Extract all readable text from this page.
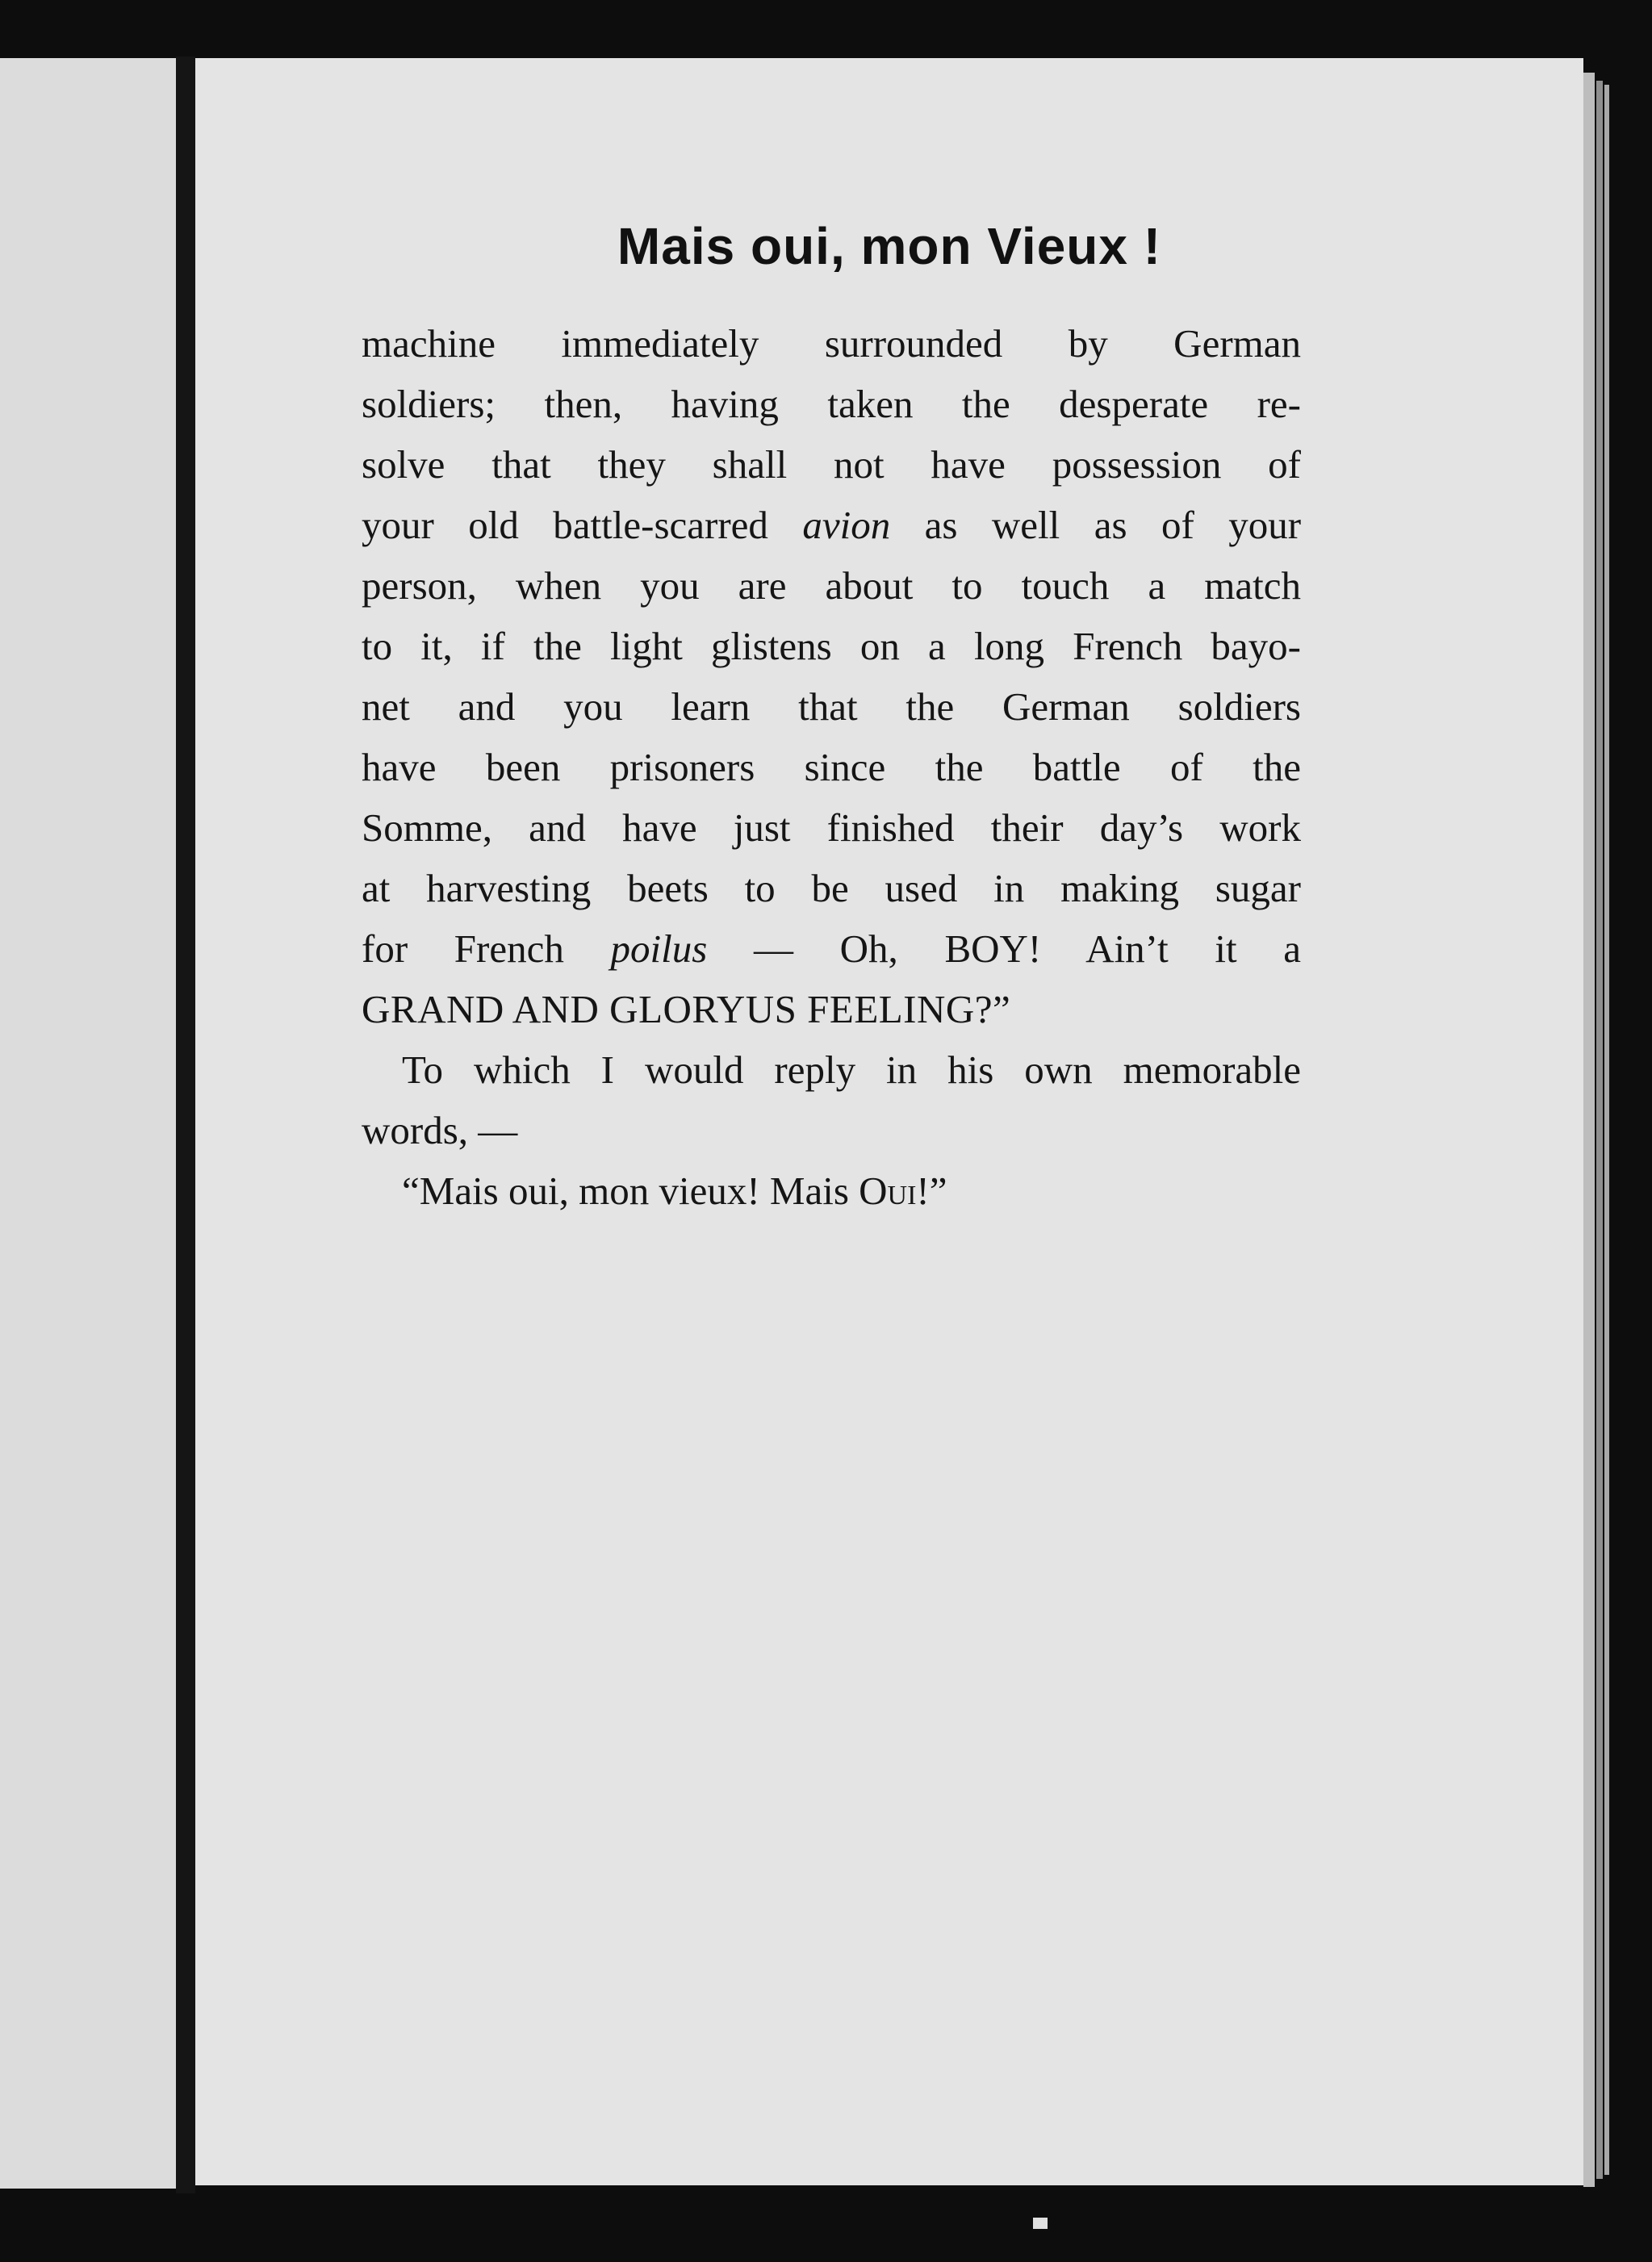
Mais oui, mon Vieux !
machine immediately surrounded by German
soldiers; then, having taken the desperate re-
solve that they shall not have possession of
your old battle-scarred avion as well as of your
person, when you are about to touch a match
to it, if the light glistens on a long French bayo-
net and you learn that the German soldiers
have been prisoners since the battle of the
Somme, and have just finished their day’s work
at harvesting beets to be used in making sugar
for French poilus — Oh, BOY! Ain’t it a
GRAND AND GLORYUS FEELING?”
To which I would reply in his own memorable
words, —
“Mais oui, mon vieux! Mais Oui!”
